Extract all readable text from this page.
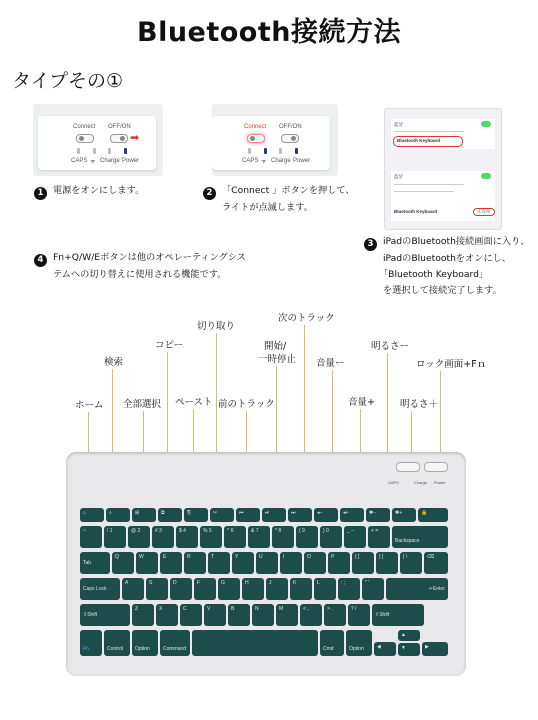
Bluetooth接続方法
タイプその①
Connect OFF/ON
➡
CAPS ᯤ Charge Power
Connect OFF/ON
CAPS ᯤ Charge Power
蓝牙
Bluetooth Keyboard
蓝牙
Bluetooth Keyboard	未连接
1 電源をオンにします。	2 「Connect 」ボタンを押して、
ライトが点滅します。
3 iPadのBluetooth接続画面に入り、
iPadのBluetoothをオンにし、
「Bluetooth Keyboard」
を選択して接続完了します。
4 Fn+Q/W/Eボタンは他のオペレーティングシス
テムへの切り替えに使用される機能です。
ホーム
検索
全部選択
コピー
ペースト
切り取り
前のトラック
開始/
一時停止
次のトラック
音量ー
音量+
明るさー
明るさ＋
ロック画面+Fｎ
CAPS	Charge Power
⌂	⌕	⊞	⧉	⎘	✂	⏮	⏯	⏭	◂−	◂+	✱−	✱+	🔒
~	! 1	@ 2	# 3	$ 4	% 5	^ 6	& 7	* 8	( 9	) 0	_ −	+ =
Backspace
Tab
Q	W	E	R	T	Y	U	I	O	P	{ [	} ]	| \	⌫
Caps Lock
A	S	D	F	G	H	J	K	L	: ;	" '
↵Enter
⇧Shift
Z	X	C	V	B	N	M	< ,	> .	? /
⇧Shift
Fn	Control	Option	Command	Cmd	Option	◀
▲
▼	▶
